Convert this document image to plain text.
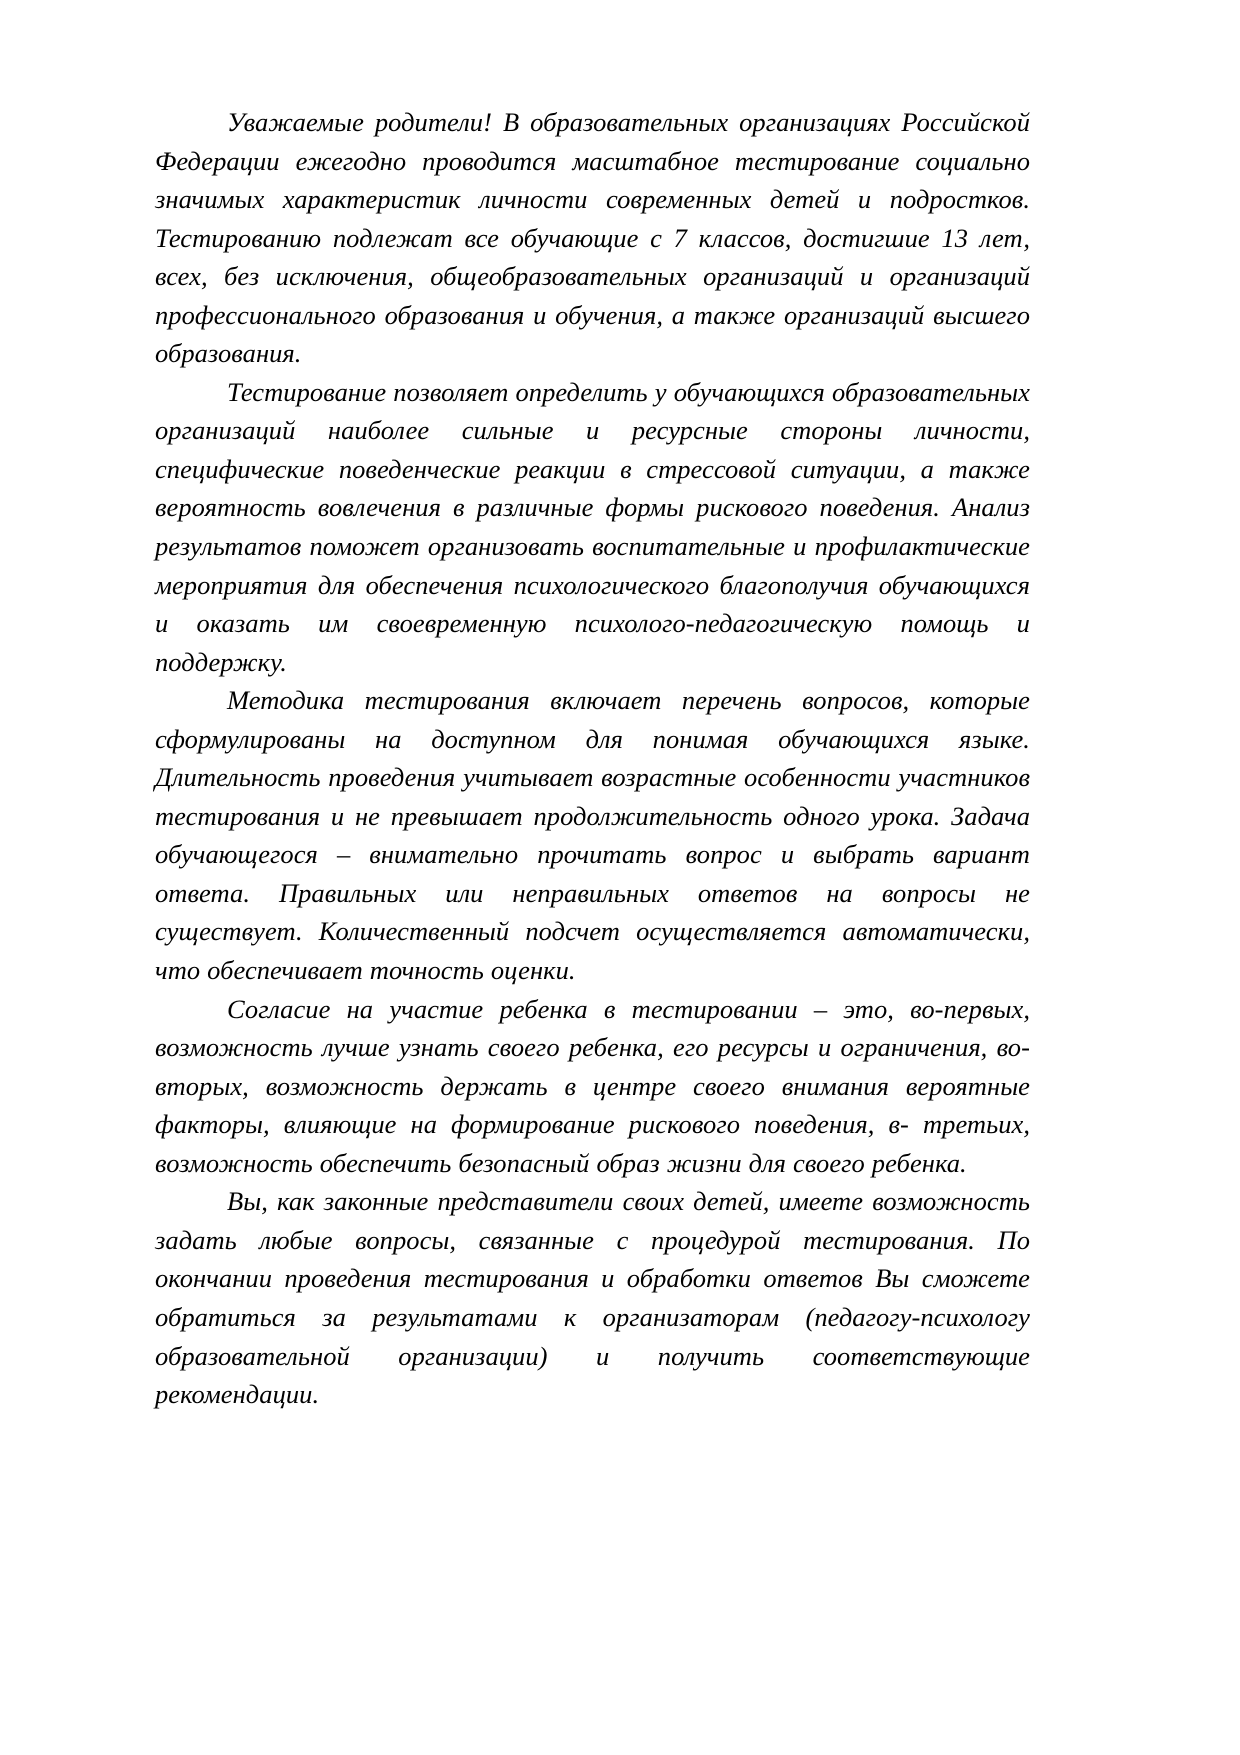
Уважаемые родители! В образовательных организациях Российской Федерации ежегодно проводится масштабное тестирование социально значимых характеристик личности современных детей и подростков. Тестированию подлежат все обучающие с 7 классов, достигшие 13 лет, всех, без исключения, общеобразовательных организаций и организаций профессионального образования и обучения, а также организаций высшего образования.

Тестирование позволяет определить у обучающихся образовательных организаций наиболее сильные и ресурсные стороны личности, специфические поведенческие реакции в стрессовой ситуации, а также вероятность вовлечения в различные формы рискового поведения. Анализ результатов поможет организовать воспитательные и профилактические мероприятия для обеспечения психологического благополучия обучающихся и оказать им своевременную психолого-педагогическую помощь и поддержку.

Методика тестирования включает перечень вопросов, которые сформулированы на доступном для понимая обучающихся языке. Длительность проведения учитывает возрастные особенности участников тестирования и не превышает продолжительность одного урока. Задача обучающегося – внимательно прочитать вопрос и выбрать вариант ответа. Правильных или неправильных ответов на вопросы не существует. Количественный подсчет осуществляется автоматически, что обеспечивает точность оценки.

Согласие на участие ребенка в тестировании – это, во-первых, возможность лучше узнать своего ребенка, его ресурсы и ограничения, во-вторых, возможность держать в центре своего внимания вероятные факторы, влияющие на формирование рискового поведения, в- третьих, возможность обеспечить безопасный образ жизни для своего ребенка.

Вы, как законные представители своих детей, имеете возможность задать любые вопросы, связанные с процедурой тестирования. По окончании проведения тестирования и обработки ответов Вы сможете обратиться за результатами к организаторам (педагогу-психологу образовательной организации) и получить соответствующие рекомендации.
